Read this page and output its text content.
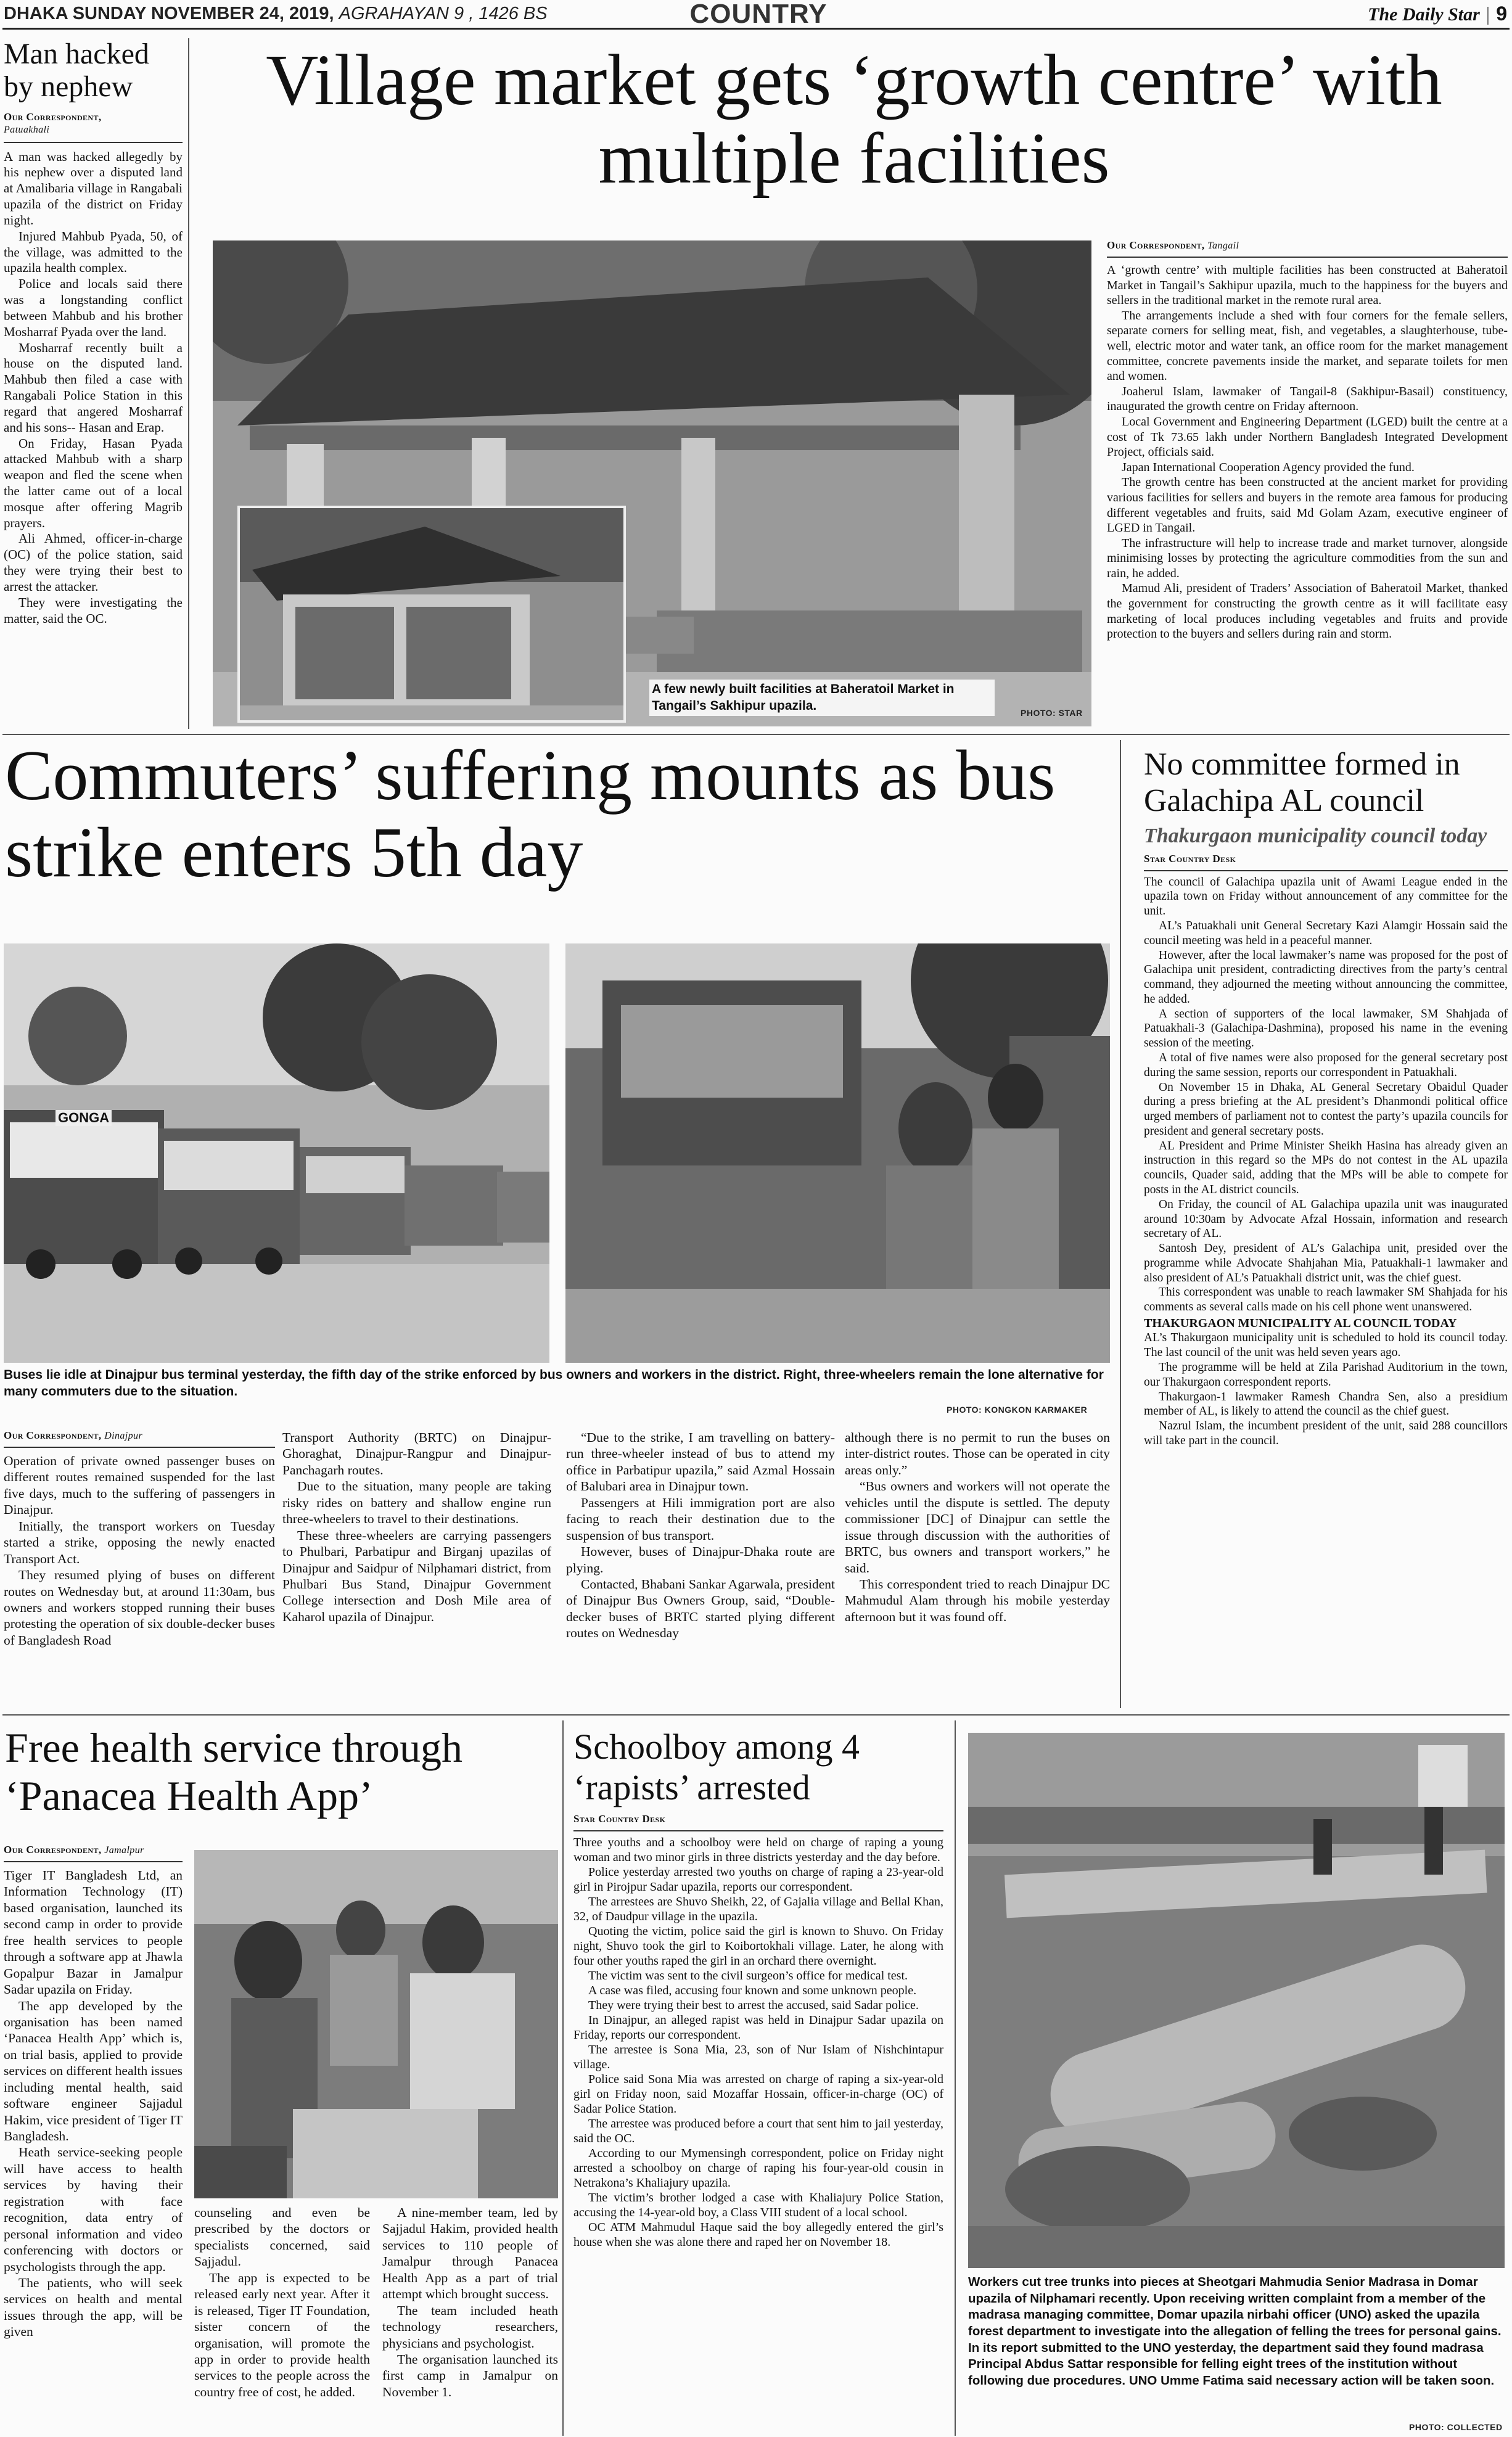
DHAKA SUNDAY NOVEMBER 24, 2019, AGRAHAYAN 9 , 1426 BS	COUNTRY	The Daily Star | 9
Man hacked by nephew
Our Correspondent,
Patuakhali

A man was hacked allegedly by his nephew over a disputed land at Amalibaria village in Rangabali upazila of the district on Friday night.

Injured Mahbub Pyada, 50, of the village, was admitted to the upazila health complex.

Police and locals said there was a longstanding conflict between Mahbub and his brother Mosharraf Pyada over the land.

Mosharraf recently built a house on the disputed land. Mahbub then filed a case with Rangabali Police Station in this regard that angered Mosharraf and his sons-- Hasan and Erap.

On Friday, Hasan Pyada attacked Mahbub with a sharp weapon and fled the scene when the latter came out of a local mosque after offering Magrib prayers.

Ali Ahmed, officer-in-charge (OC) of the police station, said they were trying their best to arrest the attacker.

They were investigating the matter, said the OC.

Village market gets ‘growth centre’ with multiple facilities
A few newly built facilities at Baheratoil Market in Tangail’s Sakhipur upazila.	PHOTO: STAR
Our Correspondent, Tangail

A ‘growth centre’ with multiple facilities has been constructed at Baheratoil Market in Tangail’s Sakhipur upazila, much to the happiness for the buyers and sellers in the traditional market in the remote rural area.

The arrangements include a shed with four corners for the female sellers, separate corners for selling meat, fish, and vegetables, a slaughterhouse, tube-well, electric motor and water tank, an office room for the market management committee, concrete pavements inside the market, and separate toilets for men and women.

Joaherul Islam, lawmaker of Tangail-8 (Sakhipur-Basail) constituency, inaugurated the growth centre on Friday afternoon.

Local Government and Engineering Department (LGED) built the centre at a cost of Tk 73.65 lakh under Northern Bangladesh Integrated Development Project, officials said.

Japan International Cooperation Agency provided the fund.

The growth centre has been constructed at the ancient market for providing various facilities for sellers and buyers in the remote area famous for producing different vegetables and fruits, said Md Golam Azam, executive engineer of LGED in Tangail.

The infrastructure will help to increase trade and market turnover, alongside minimising losses by protecting the agriculture commodities from the sun and rain, he added.

Mamud Ali, president of Traders’ Association of Baheratoil Market, thanked the government for constructing the growth centre as it will facilitate easy marketing of local produces including vegetables and fruits and provide protection to the buyers and sellers during rain and storm.

Commuters’ suffering mounts as bus strike enters 5th day
GONGA
Buses lie idle at Dinajpur bus terminal yesterday, the fifth day of the strike enforced by bus owners and workers in the district. Right, three-wheelers remain the lone alternative for many commuters due to the situation.
PHOTO: KONGKON KARMAKER
Our Correspondent, Dinajpur

Operation of private owned passenger buses on different routes remained suspended for the last five days, much to the suffering of passengers in Dinajpur.

Initially, the transport workers on Tuesday started a strike, opposing the newly enacted Transport Act.

They resumed plying of buses on different routes on Wednesday but, at around 11:30am, bus owners and workers stopped running their buses protesting the operation of six double-decker buses of Bangladesh Road

Transport Authority (BRTC) on Dinajpur-Ghoraghat, Dinajpur-Rangpur and Dinajpur-Panchagarh routes.

Due to the situation, many people are taking risky rides on battery and shallow engine run three-wheelers to travel to their destinations.

These three-wheelers are carrying passengers to Phulbari, Parbatipur and Birganj upazilas of Dinajpur and Saidpur of Nilphamari district, from Phulbari Bus Stand, Dinajpur Government College intersection and Dosh Mile area of Kaharol upazila of Dinajpur.

“Due to the strike, I am travelling on battery-run three-wheeler instead of bus to attend my office in Parbatipur upazila,” said Azmal Hossain of Balubari area in Dinajpur town.

Passengers at Hili immigration port are also facing to reach their destination due to the suspension of bus transport.

However, buses of Dinajpur-Dhaka route are plying.

Contacted, Bhabani Sankar Agarwala, president of Dinajpur Bus Owners Group, said, “Double-decker buses of BRTC started plying different routes on Wednesday

although there is no permit to run the buses on inter-district routes. Those can be operated in city areas only.”

“Bus owners and workers will not operate the vehicles until the dispute is settled. The deputy commissioner [DC] of Dinajpur can settle the issue through discussion with the authorities of BRTC, bus owners and transport workers,” he said.

This correspondent tried to reach Dinajpur DC Mahmudul Alam through his mobile yesterday afternoon but it was found off.

No committee formed in Galachipa AL council
Thakurgaon municipality council today
Star Country Desk

The council of Galachipa upazila unit of Awami League ended in the upazila town on Friday without announcement of any committee for the unit.

AL’s Patuakhali unit General Secretary Kazi Alamgir Hossain said the council meeting was held in a peaceful manner.

However, after the local lawmaker’s name was proposed for the post of Galachipa unit president, contradicting directives from the party’s central command, they adjourned the meeting without announcing the committee, he added.

A section of supporters of the local lawmaker, SM Shahjada of Patuakhali-3 (Galachipa-Dashmina), proposed his name in the evening session of the meeting.

A total of five names were also proposed for the general secretary post during the same session, reports our correspondent in Patuakhali.

On November 15 in Dhaka, AL General Secretary Obaidul Quader during a press briefing at the AL president’s Dhanmondi political office urged members of parliament not to contest the party’s upazila councils for president and general secretary posts.

AL President and Prime Minister Sheikh Hasina has already given an instruction in this regard so the MPs do not contest in the AL upazila councils, Quader said, adding that the MPs will be able to compete for posts in the AL district councils.

On Friday, the council of AL Galachipa upazila unit was inaugurated around 10:30am by Advocate Afzal Hossain, information and research secretary of AL.

Santosh Dey, president of AL’s Galachipa unit, presided over the programme while Advocate Shahjahan Mia, Patuakhali-1 lawmaker and also president of AL’s Patuakhali district unit, was the chief guest.

This correspondent was unable to reach lawmaker SM Shahjada for his comments as several calls made on his cell phone went unanswered.

THAKURGAON MUNICIPALITY AL COUNCIL TODAY

AL’s Thakurgaon municipality unit is scheduled to hold its council today. The last council of the unit was held seven years ago.

The programme will be held at Zila Parishad Auditorium in the town, our Thakurgaon correspondent reports.

Thakurgaon-1 lawmaker Ramesh Chandra Sen, also a presidium member of AL, is likely to attend the council as the chief guest.

Nazrul Islam, the incumbent president of the unit, said 288 councillors will take part in the council.

Free health service through ‘Panacea Health App’
Our Correspondent, Jamalpur

Tiger IT Bangladesh Ltd, an Information Technology (IT) based organisation, launched its second camp in order to provide free health services to people through a software app at Jhawla Gopalpur Bazar in Jamalpur Sadar upazila on Friday.

The app developed by the organisation has been named ‘Panacea Health App’ which is, on trial basis, applied to provide services on different health issues including mental health, said software engineer Sajjadul Hakim, vice president of Tiger IT Bangladesh.

Heath service-seeking people will have access to health services by having their registration with face recognition, data entry of personal information and video conferencing with doctors or psychologists through the app.

The patients, who will seek services on health and mental issues through the app, will be given

counseling and even be prescribed by the doctors or specialists concerned, said Sajjadul.

The app is expected to be released early next year. After it is released, Tiger IT Foundation, sister concern of the organisation, will promote the app in order to provide health services to the people across the country free of cost, he added.

A nine-member team, led by Sajjadul Hakim, provided health services to 110 people of Jamalpur through Panacea Health App as a part of trial attempt which brought success.

The team included heath technology researchers, physicians and psychologist.

The organisation launched its first camp in Jamalpur on November 1.

Schoolboy among 4 ‘rapists’ arrested
Star Country Desk

Three youths and a schoolboy were held on charge of raping a young woman and two minor girls in three districts yesterday and the day before.

Police yesterday arrested two youths on charge of raping a 23-year-old girl in Pirojpur Sadar upazila, reports our correspondent.

The arrestees are Shuvo Sheikh, 22, of Gajalia village and Bellal Khan, 32, of Daudpur village in the upazila.

Quoting the victim, police said the girl is known to Shuvo. On Friday night, Shuvo took the girl to Koibortokhali village. Later, he along with four other youths raped the girl in an orchard there overnight.

The victim was sent to the civil surgeon’s office for medical test.

A case was filed, accusing four known and some unknown people.

They were trying their best to arrest the accused, said Sadar police.

In Dinajpur, an alleged rapist was held in Dinajpur Sadar upazila on Friday, reports our correspondent.

The arrestee is Sona Mia, 23, son of Nur Islam of Nishchintapur village.

Police said Sona Mia was arrested on charge of raping a six-year-old girl on Friday noon, said Mozaffar Hossain, officer-in-charge (OC) of Sadar Police Station.

The arrestee was produced before a court that sent him to jail yesterday, said the OC.

According to our Mymensingh correspondent, police on Friday night arrested a schoolboy on charge of raping his four-year-old cousin in Netrakona’s Khaliajury upazila.

The victim’s brother lodged a case with Khaliajury Police Station, accusing the 14-year-old boy, a Class VIII student of a local school.

OC ATM Mahmudul Haque said the boy allegedly entered the girl’s house when she was alone there and raped her on November 18.

Workers cut tree trunks into pieces at Sheotgari Mahmudia Senior Madrasa in Domar upazila of Nilphamari recently. Upon receiving written complaint from a member of the madrasa managing committee, Domar upazila nirbahi officer (UNO) asked the upazila forest department to investigate into the allegation of felling the trees for personal gains. In its report submitted to the UNO yesterday, the department said they found madrasa Principal Abdus Sattar responsible for felling eight trees of the institution without following due procedures. UNO Umme Fatima said necessary action will be taken soon.
PHOTO: COLLECTED
